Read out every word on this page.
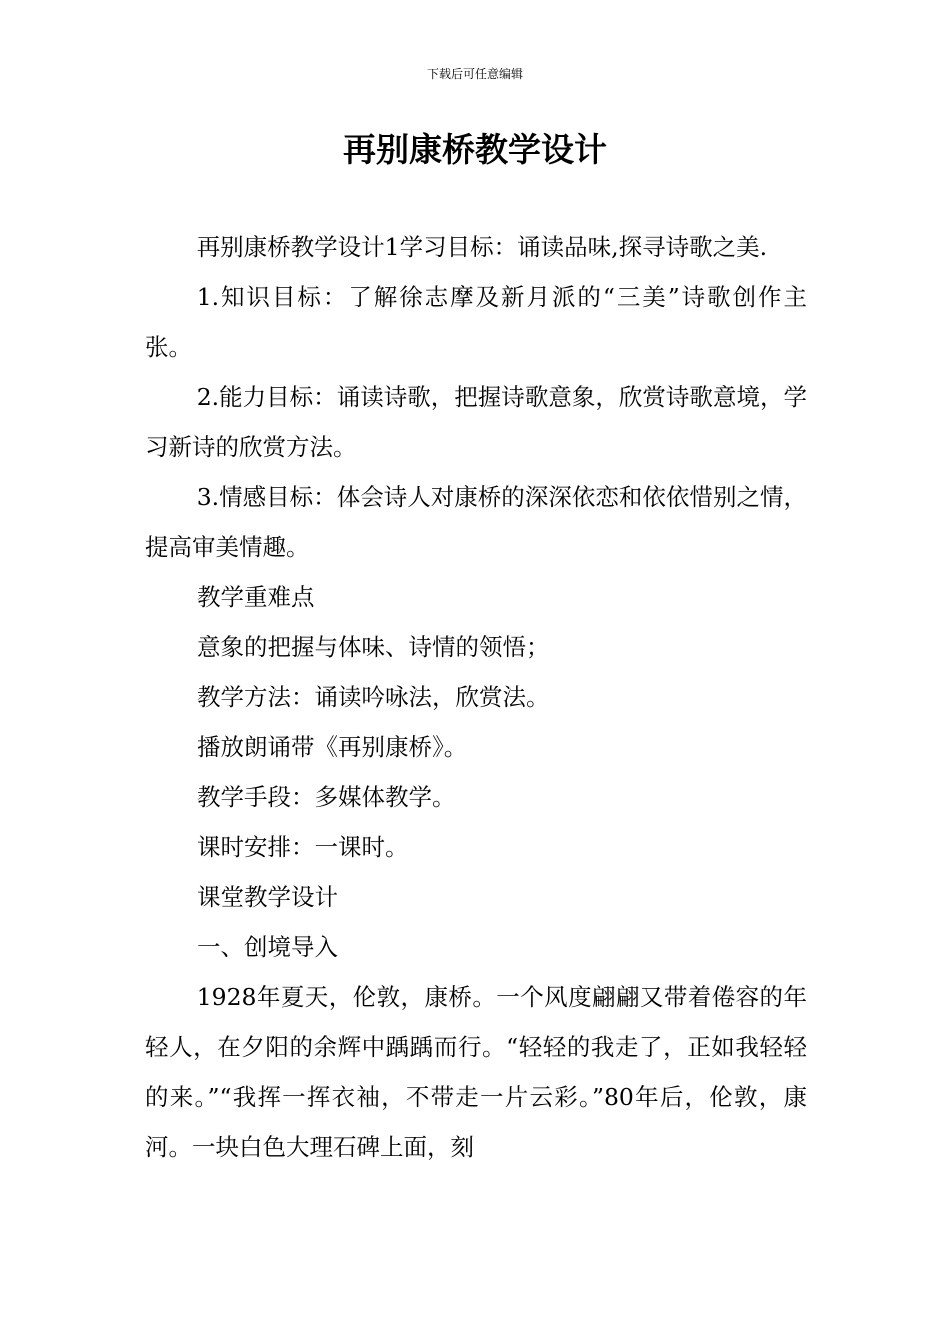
下载后可任意编辑
再别康桥教学设计

再别康桥教学设计1学习目标：诵读品味,探寻诗歌之美.

1.知识目标：了解徐志摩及新月派的“三美”诗歌创作主张。

2.能力目标：诵读诗歌，把握诗歌意象，欣赏诗歌意境，学习新诗的欣赏方法。

3.情感目标：体会诗人对康桥的深深依恋和依依惜别之情，提高审美情趣。

教学重难点

意象的把握与体味、诗情的领悟；

教学方法：诵读吟咏法，欣赏法。

播放朗诵带《再别康桥》。

教学手段：多媒体教学。

课时安排：一课时。

课堂教学设计

一、创境导入

1928年夏天，伦敦，康桥。一个风度翩翩又带着倦容的年轻人，在夕阳的余辉中踽踽而行。“轻轻的我走了，正如我轻轻的来。”“我挥一挥衣袖，不带走一片云彩。”80年后，伦敦，康河。一块白色大理石碑上面，刻
